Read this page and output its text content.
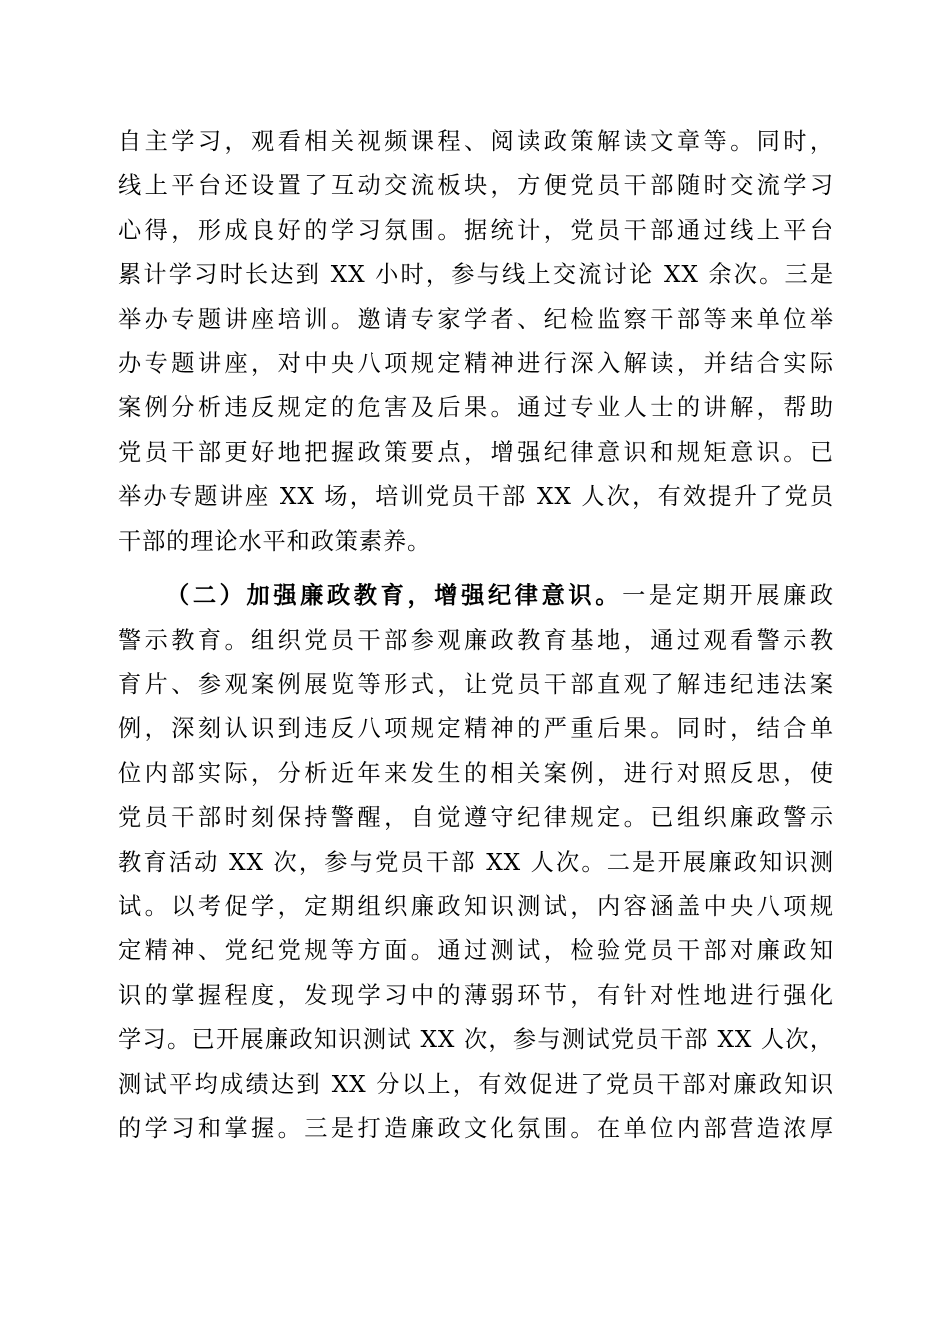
自主学习，观看相关视频课程、阅读政策解读文章等。同时，
线上平台还设置了互动交流板块，方便党员干部随时交流学习
心得，形成良好的学习氛围。据统计，党员干部通过线上平台
累计学习时长达到 XX 小时，参与线上交流讨论 XX 余次。三是
举办专题讲座培训。邀请专家学者、纪检监察干部等来单位举
办专题讲座，对中央八项规定精神进行深入解读，并结合实际
案例分析违反规定的危害及后果。通过专业人士的讲解，帮助
党员干部更好地把握政策要点，增强纪律意识和规矩意识。已
举办专题讲座 XX 场，培训党员干部 XX 人次，有效提升了党员
干部的理论水平和政策素养。
（二）加强廉政教育，增强纪律意识。一是定期开展廉政
警示教育。组织党员干部参观廉政教育基地，通过观看警示教
育片、参观案例展览等形式，让党员干部直观了解违纪违法案
例，深刻认识到违反八项规定精神的严重后果。同时，结合单
位内部实际，分析近年来发生的相关案例，进行对照反思，使
党员干部时刻保持警醒，自觉遵守纪律规定。已组织廉政警示
教育活动 XX 次，参与党员干部 XX 人次。二是开展廉政知识测
试。以考促学，定期组织廉政知识测试，内容涵盖中央八项规
定精神、党纪党规等方面。通过测试，检验党员干部对廉政知
识的掌握程度，发现学习中的薄弱环节，有针对性地进行强化
学习。已开展廉政知识测试 XX 次，参与测试党员干部 XX 人次，
测试平均成绩达到 XX 分以上，有效促进了党员干部对廉政知识
的学习和掌握。三是打造廉政文化氛围。在单位内部营造浓厚
